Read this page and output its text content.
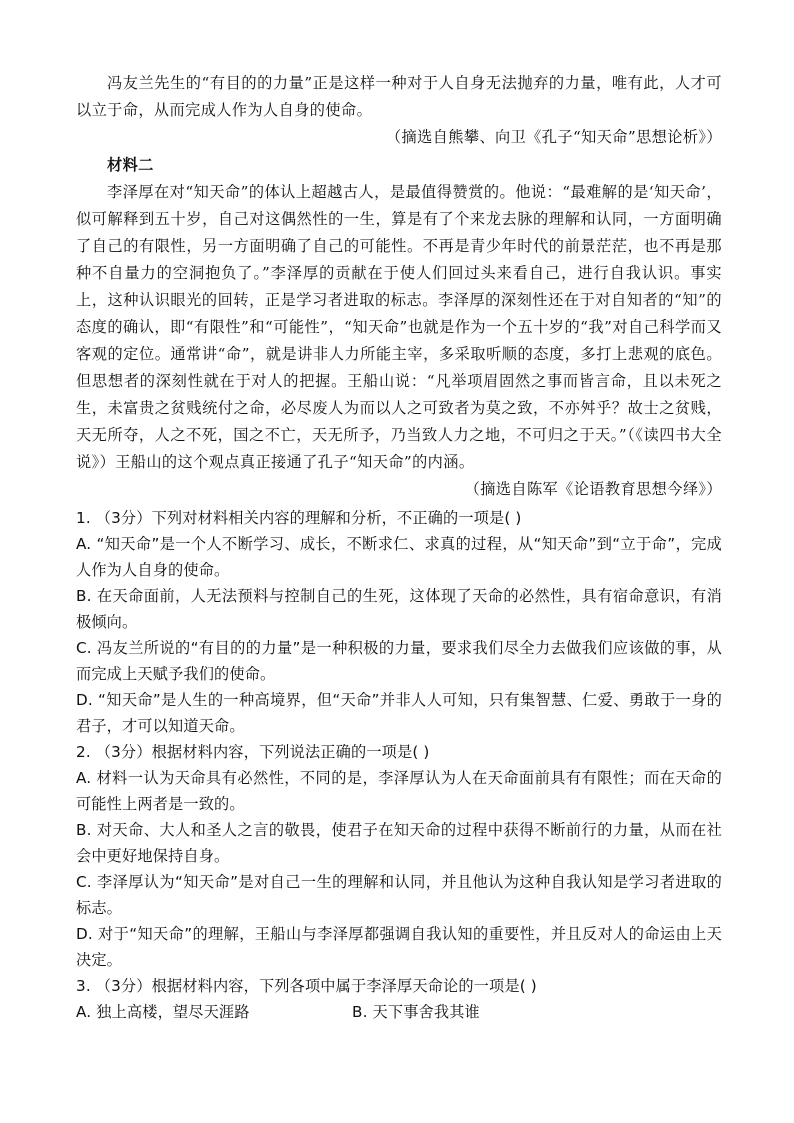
冯友兰先生的“有目的的力量”正是这样一种对于人自身无法抛弃的力量，唯有此，人才可以立于命，从而完成人作为人自身的使命。

（摘选自熊攀、向卫《孔子“知天命”思想论析》）

材料二

李泽厚在对“知天命”的体认上超越古人，是最值得赞赏的。他说：“最难解的是‘知天命’，似可解释到五十岁，自己对这偶然性的一生，算是有了个来龙去脉的理解和认同，一方面明确了自己的有限性，另一方面明确了自己的可能性。不再是青少年时代的前景茫茫，也不再是那种不自量力的空洞抱负了。”李泽厚的贡献在于使人们回过头来看自己，进行自我认识。事实上，这种认识眼光的回转，正是学习者进取的标志。李泽厚的深刻性还在于对自知者的“知”的态度的确认，即“有限性”和“可能性”，“知天命”也就是作为一个五十岁的“我”对自己科学而又客观的定位。通常讲“命”，就是讲非人力所能主宰，多采取听顺的态度，多打上悲观的底色。但思想者的深刻性就在于对人的把握。王船山说：“凡举项眉固然之事而皆言命，且以未死之生，未富贵之贫贱统付之命，必尽废人为而以人之可致者为莫之致，不亦舛乎？故士之贫贱，天无所夺，人之不死，国之不亡，天无所予，乃当致人力之地，不可归之于天。”（《读四书大全说》）王船山的这个观点真正接通了孔子“知天命”的内涵。

（摘选自陈军《论语教育思想今绎》）

1. （3分）下列对材料相关内容的理解和分析，不正确的一项是( )

A. “知天命”是一个人不断学习、成长，不断求仁、求真的过程，从“知天命”到“立于命”，完成人作为人自身的使命。

B. 在天命面前，人无法预料与控制自己的生死，这体现了天命的必然性，具有宿命意识，有消极倾向。

C. 冯友兰所说的“有目的的力量”是一种积极的力量，要求我们尽全力去做我们应该做的事，从而完成上天赋予我们的使命。

D. “知天命”是人生的一种高境界，但“天命”并非人人可知，只有集智慧、仁爱、勇敢于一身的君子，才可以知道天命。

2. （3分）根据材料内容，下列说法正确的一项是( )

A. 材料一认为天命具有必然性，不同的是，李泽厚认为人在天命面前具有有限性；而在天命的可能性上两者是一致的。

B. 对天命、大人和圣人之言的敬畏，使君子在知天命的过程中获得不断前行的力量，从而在社会中更好地保持自身。

C. 李泽厚认为“知天命”是对自己一生的理解和认同，并且他认为这种自我认知是学习者进取的标志。

D. 对于“知天命”的理解，王船山与李泽厚都强调自我认知的重要性，并且反对人的命运由上天决定。

3. （3分）根据材料内容，下列各项中属于李泽厚天命论的一项是( )

A. 独上高楼，望尽天涯路	B. 天下事舍我其谁
